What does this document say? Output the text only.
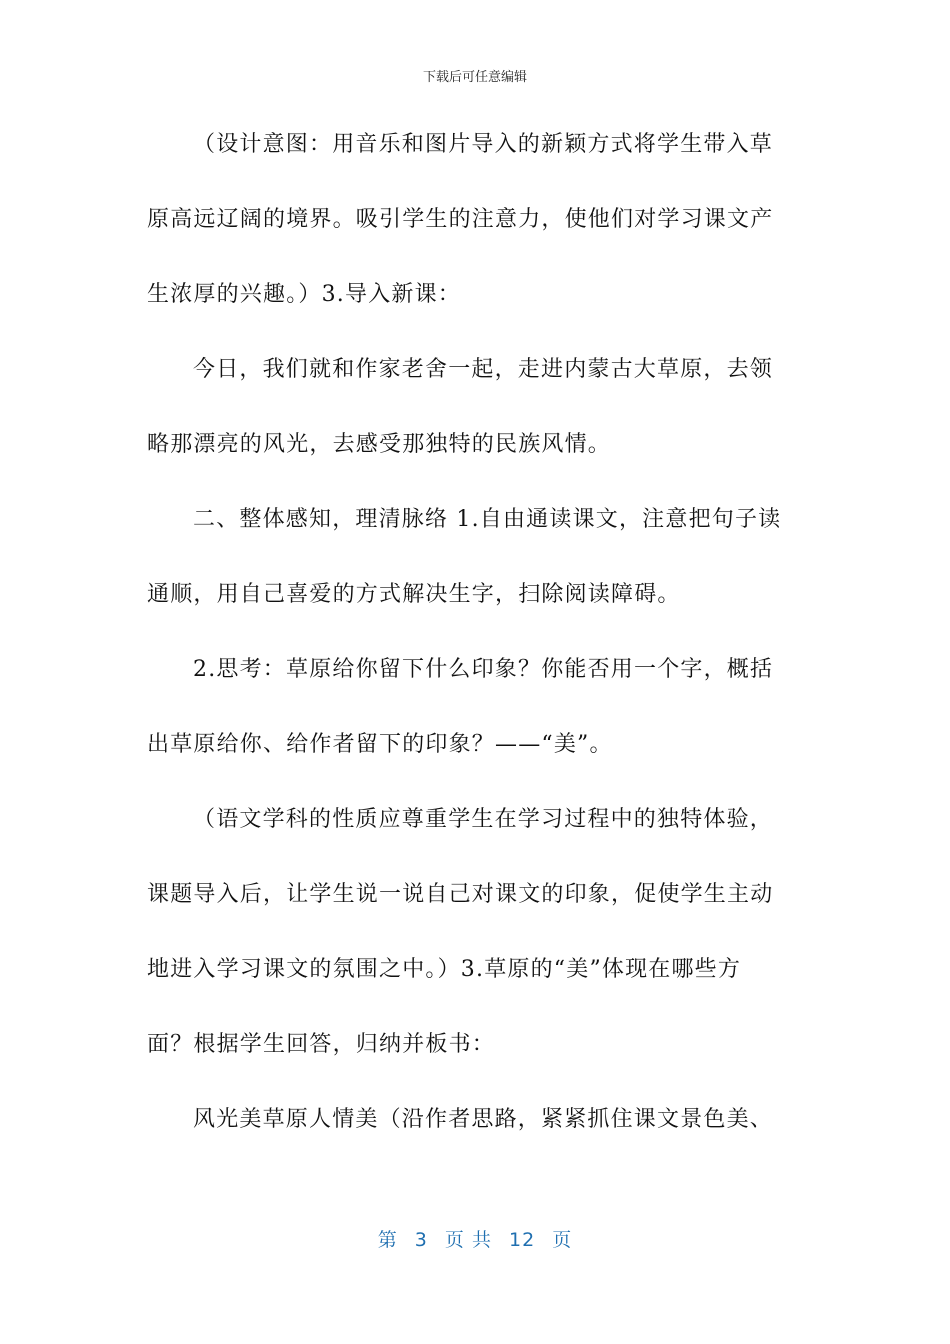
下载后可任意编辑
（设计意图：用音乐和图片导入的新颖方式将学生带入草
原高远辽阔的境界。吸引学生的注意力，使他们对学习课文产
生浓厚的兴趣。）3.导入新课：
今日，我们就和作家老舍一起，走进内蒙古大草原，去领
略那漂亮的风光，去感受那独特的民族风情。
二、整体感知，理清脉络 1.自由通读课文，注意把句子读
通顺，用自己喜爱的方式解决生字，扫除阅读障碍。
2.思考：草原给你留下什么印象？你能否用一个字，概括
出草原给你、给作者留下的印象？——“美”。
（语文学科的性质应尊重学生在学习过程中的独特体验，
课题导入后，让学生说一说自己对课文的印象，促使学生主动
地进入学习课文的氛围之中。）3.草原的“美”体现在哪些方
面？根据学生回答，归纳并板书：
风光美草原人情美（沿作者思路，紧紧抓住课文景色美、
第 3 页 共 12 页
